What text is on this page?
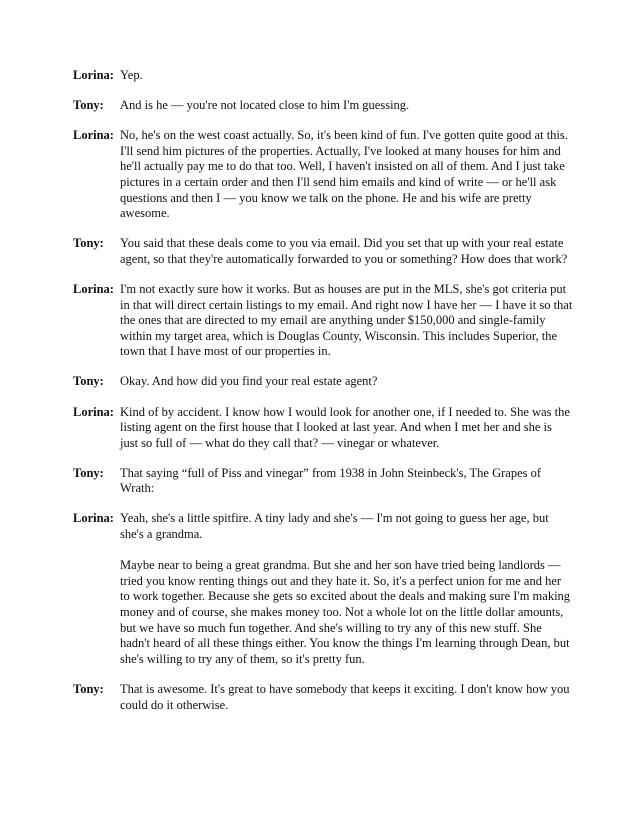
Lorina: Yep.

Tony:	And is he — you're not located close to him I'm guessing.

Lorina: No, he's on the west coast actually. So, it's been kind of fun. I've gotten quite good at this. I'll send him pictures of the properties. Actually, I've looked at many houses for him and he'll actually pay me to do that too. Well, I haven't insisted on all of them. And I just take pictures in a certain order and then I'll send him emails and kind of write — or he'll ask questions and then I — you know we talk on the phone. He and his wife are pretty awesome.

Tony:	You said that these deals come to you via email. Did you set that up with your real estate agent, so that they're automatically forwarded to you or something? How does that work?

Lorina: I'm not exactly sure how it works. But as houses are put in the MLS, she's got criteria put in that will direct certain listings to my email. And right now I have her — I have it so that the ones that are directed to my email are anything under $150,000 and single-family within my target area, which is Douglas County, Wisconsin. This includes Superior, the town that I have most of our properties in.

Tony:	Okay. And how did you find your real estate agent?

Lorina: Kind of by accident. I know how I would look for another one, if I needed to. She was the listing agent on the first house that I looked at last year. And when I met her and she is just so full of — what do they call that? — vinegar or whatever.

Tony:	That saying “full of Piss and vinegar” from 1938 in John Steinbeck's, The Grapes of Wrath:

Lorina: Yeah, she's a little spitfire. A tiny lady and she's — I'm not going to guess her age, but she's a grandma.

Maybe near to being a great grandma. But she and her son have tried being landlords — tried you know renting things out and they hate it. So, it's a perfect union for me and her to work together. Because she gets so excited about the deals and making sure I'm making money and of course, she makes money too. Not a whole lot on the little dollar amounts, but we have so much fun together. And she's willing to try any of this new stuff. She hadn't heard of all these things either. You know the things I'm learning through Dean, but she's willing to try any of them, so it's pretty fun.

Tony:	That is awesome. It's great to have somebody that keeps it exciting. I don't know how you could do it otherwise.
